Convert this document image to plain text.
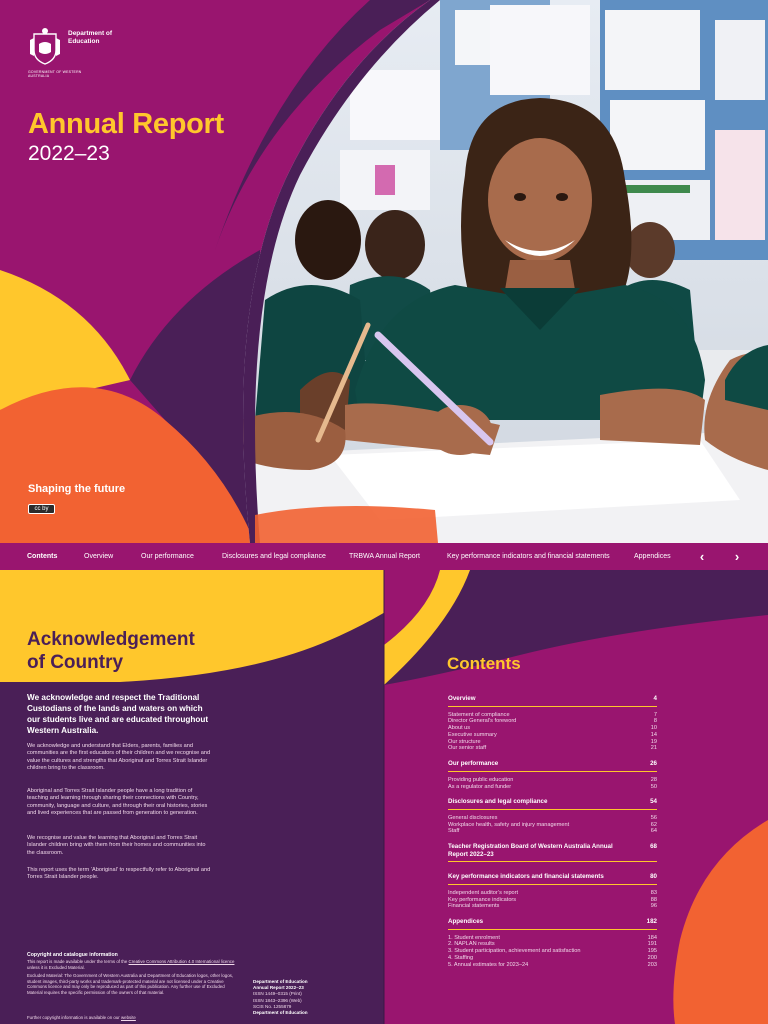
Department of
Education
GOVERNMENT OF WESTERN AUSTRALIA
Annual Report
2022–23
Shaping the future
cc by
Contents	Overview	Our performance	Disclosures and legal compliance	TRBWA Annual Report	Key performance indicators and financial statements	Appendices	‹	›
Acknowledgement
of Country
We acknowledge and respect the Traditional Custodians of the lands and waters on which our students live and are educated throughout Western Australia.
We acknowledge and understand that Elders, parents, families and communities are the first educators of their children and we recognise and value the cultures and strengths that Aboriginal and Torres Strait Islander children bring to the classroom.
Aboriginal and Torres Strait Islander people have a long tradition of teaching and learning through sharing their connections with Country, community, language and culture, and through their oral histories, stories and lived experiences that are passed from generation to generation.
We recognise and value the learning that Aboriginal and Torres Strait Islander children bring with them from their homes and communities into the classroom.
This report uses the term ‘Aboriginal’ to respectfully refer to Aboriginal and Torres Strait Islander people.
Copyright and catalogue information
This report is made available under the terms of the Creative Commons Attribution 4.0 International licence unless it is Excluded Material.
Excluded Material: The Government of Western Australia and Department of Education logos, other logos, student images, third-party works and trademark-protected material are not licensed under a Creative Commons licence and may only be reproduced as part of this publication. Any further use of Excluded Material requires the specific permission of the owners of that material.
Further copyright information is available on our website
Department of Education
Annual Report 2022–23
ISSN 1449–0315 (Print)
ISSN 1843–2396 (Web)
SCIS No. 1255879
Department of Education
Contents
Overview	4
Statement of compliance	7
Director General’s foreword	8
About us	10
Executive summary	14
Our structure	19
Our senior staff	21
Our performance	26
Providing public education	28
As a regulator and funder	50
Disclosures and legal compliance	54
General disclosures	56
Workplace health, safety and injury management	62
Staff	64
Teacher Registration Board of Western Australia Annual Report 2022–23
68
Key performance indicators and financial statements	80
Independent auditor’s report	83
Key performance indicators	88
Financial statements	96
Appendices	182
1. Student enrolment	184
2. NAPLAN results	191
3. Student participation, achievement and satisfaction	195
4. Staffing	200
5. Annual estimates for 2023–24	203
